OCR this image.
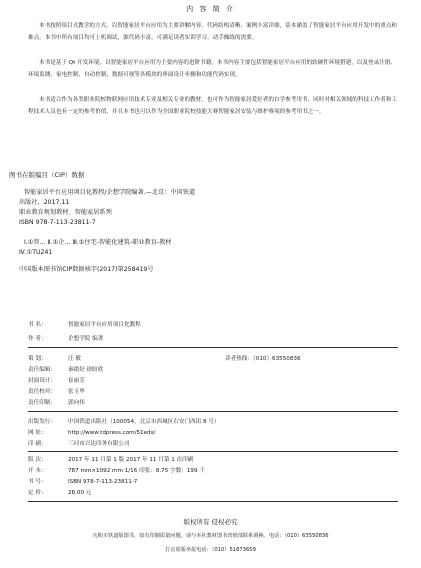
内 容 简 介
本书按照项目式教学的方式，以智能家居平台应用为主要讲解内容，代码结构清晰、案例丰富详细，基本涵盖了智能家居平台应用开发中的重点和难点。本书中所有项目均可上机调试，源代码丰富，可满足读者实训学习、动手操练的需要。
本书是基于 Qt 开发环境，以智能家居平台应用为主要内容的进阶书籍。本书内容主要包括智能家居平台应用的软硬件环境搭建，以及登录注册、环境监测、家电控制、自动控制、数据可视等各模块的界面设计步骤和功能代码实现。
本书适合作为各类职业院校物联网应用技术专业及相关专业的教材，也可作为智能家居爱好者的自学参考用书，同时对相关领域的科技工作者和工程技术人员也有一定的参考价值，并且本书也可以作为全国职业院校技能大赛智能家居安装与维护赛项的参考用书之一。
图书在版编目（CIP）数据
智能家居平台应用项目化教程/企想学院编著.—北京：中国铁道
出版社，2017.11
职业教育规划教材．智能家居系列
ISBN 978-7-113-23811-7
Ⅰ.①智… Ⅱ.①企… Ⅲ.①住宅-智能化建筑-职业教育-教材
Ⅳ.①TU241
中国版本图书馆CIP数据核字(2017)第258419号
书 名：	智能家居平台应用项目化教程
作 者：	企想学院 编著
策 划：	汪 敏	读者热线：（010）63550836
责任编辑： 秦绪好 徐盼欣
封面设计： 崔丽芳
责任校对： 张玉华
责任印制： 郭向伟
出版发行： 中国铁道出版社（100054，北京市西城区右安门西街 8 号）
网 址：	http://www.tdpress.com/51eds/
印 刷：	三河市兴达印务有限公司
版 次：	2017 年 11 月第 1 版 2017 年 11 月第 1 次印刷
开 本：	787 mm×1092 mm 1/16 印张：8.75 字数：199 千
书 号：	ISBN 978-7-113-23811-7
定 价：	28.00 元
版权所有 侵权必究
凡购买铁道版图书，如有印制质量问题，请与本社教材图书营销部联系调换。电话：（010）63550836
打击盗版举报电话：（010）51873659
